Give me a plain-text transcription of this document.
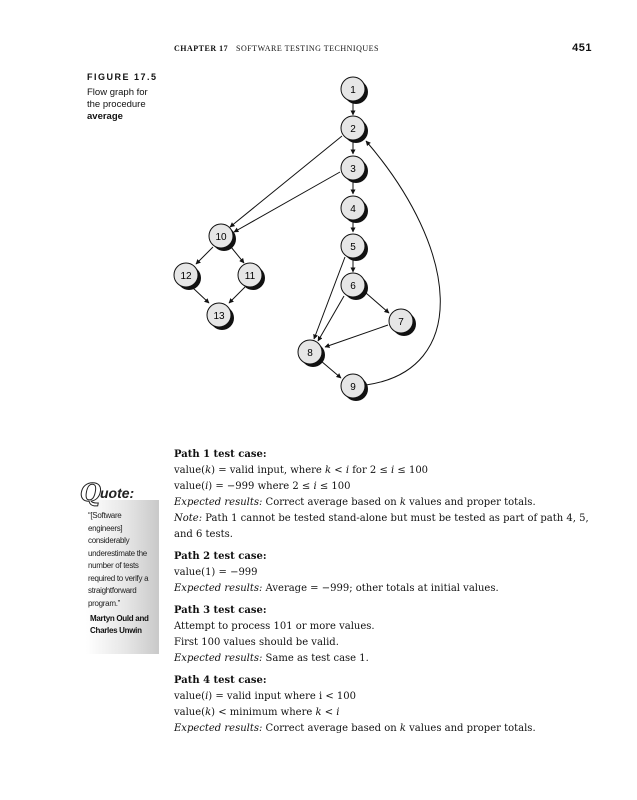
CHAPTER 17 SOFTWARE TESTING TECHNIQUES	451
FIGURE 17.5
Flow graph for
the procedure
average
1
2
3
4
5
6
7
8
9
10
11
12
13
Q uote:
“[Software
engineers]
considerably
underestimate the
number of tests
required to verify a
straightforward
program.”
Martyn Ould and
Charles Unwin
Path 1 test case:
value(k) = valid input, where k < i for 2 ≤ i ≤ 100
value(i) = −999 where 2 ≤ i ≤ 100
Expected results: Correct average based on k values and proper totals.
Note: Path 1 cannot be tested stand-alone but must be tested as part of path 4, 5, and 6 tests.
Path 2 test case:
value(1) = −999
Expected results: Average = −999; other totals at initial values.
Path 3 test case:
Attempt to process 101 or more values.
First 100 values should be valid.
Expected results: Same as test case 1.
Path 4 test case:
value(i) = valid input where i < 100
value(k) < minimum where k < i
Expected results: Correct average based on k values and proper totals.
